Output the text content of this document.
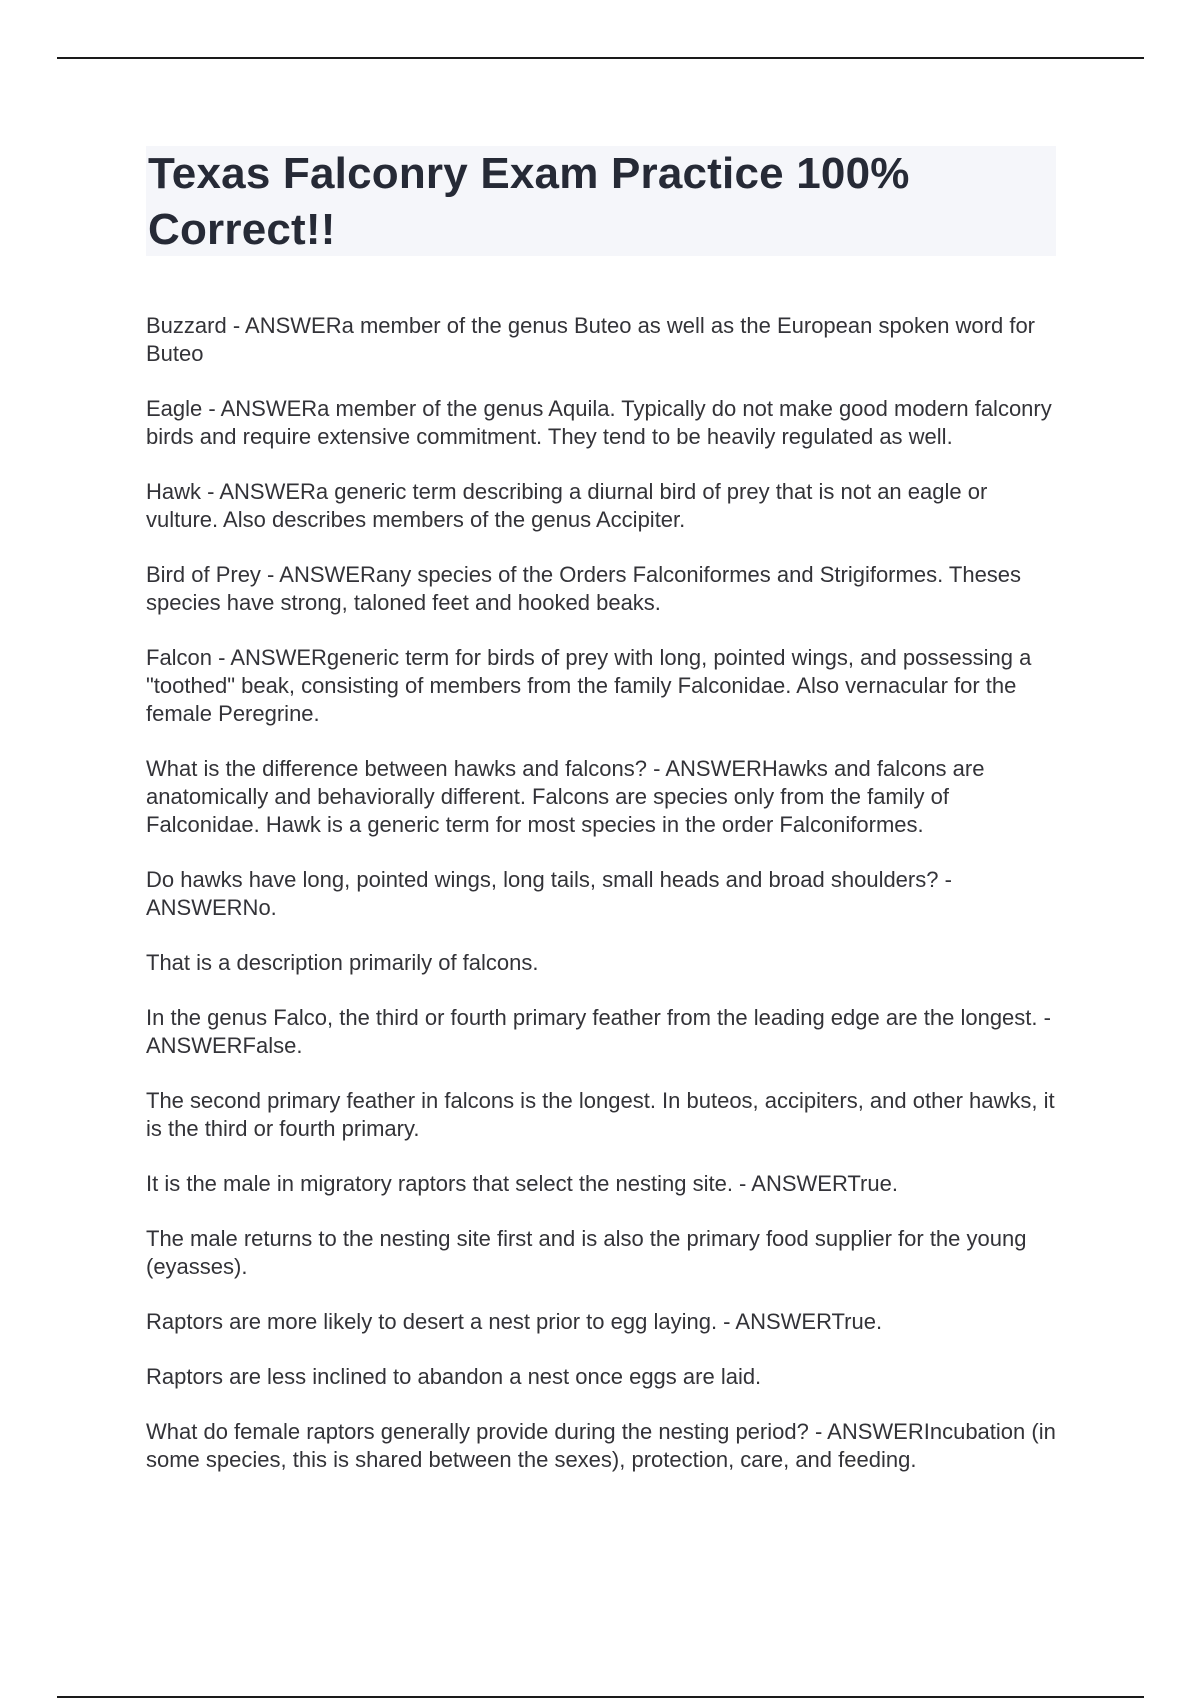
Texas Falconry Exam Practice 100% Correct!!

Buzzard - ANSWERa member of the genus Buteo as well as the European spoken word for Buteo

Eagle - ANSWERa member of the genus Aquila. Typically do not make good modern falconry birds and require extensive commitment. They tend to be heavily regulated as well.

Hawk - ANSWERa generic term describing a diurnal bird of prey that is not an eagle or vulture. Also describes members of the genus Accipiter.

Bird of Prey - ANSWERany species of the Orders Falconiformes and Strigiformes. Theses species have strong, taloned feet and hooked beaks.

Falcon - ANSWERgeneric term for birds of prey with long, pointed wings, and possessing a "toothed" beak, consisting of members from the family Falconidae. Also vernacular for the female Peregrine.

What is the difference between hawks and falcons? - ANSWERHawks and falcons are anatomically and behaviorally different. Falcons are species only from the family of Falconidae. Hawk is a generic term for most species in the order Falconiformes.

Do hawks have long, pointed wings, long tails, small heads and broad shoulders? - ANSWERNo.

That is a description primarily of falcons.

In the genus Falco, the third or fourth primary feather from the leading edge are the longest. - ANSWERFalse.

The second primary feather in falcons is the longest. In buteos, accipiters, and other hawks, it is the third or fourth primary.

It is the male in migratory raptors that select the nesting site. - ANSWERTrue.

The male returns to the nesting site first and is also the primary food supplier for the young (eyasses).

Raptors are more likely to desert a nest prior to egg laying. - ANSWERTrue.

Raptors are less inclined to abandon a nest once eggs are laid.

What do female raptors generally provide during the nesting period? - ANSWERIncubation (in some species, this is shared between the sexes), protection, care, and feeding.
